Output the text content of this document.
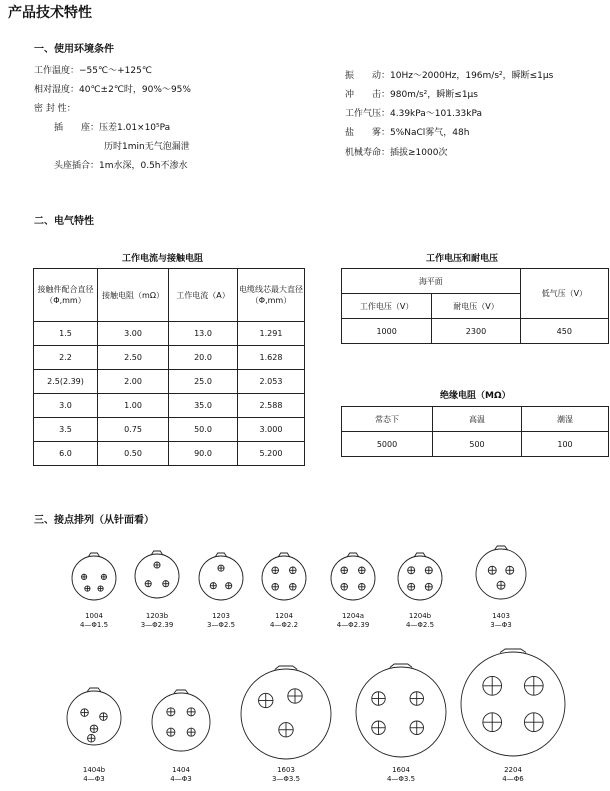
产品技术特性
一、使用环境条件
工作温度：−55℃～+125℃
相对湿度：40℃±2℃时，90%～95%
密 封 性：
插　　座：压差1.01×10⁵Pa
历时1min无气泡漏泄
头座插合：1m水深，0.5h不渗水
振　　动：10Hz～2000Hz，196m/s²，瞬断≤1μs
冲　　击：980m/s²，瞬断≤1μs
工作气压：4.39kPa～101.33kPa
盐　　雾：5%NaCl雾气，48h
机械寿命：插拔≥1000次
二、电气特性
工作电流与接触电阻
接触件配合直径（Φ,mm）	接触电阻（mΩ）	工作电流（A）	电缆线芯最大直径（Φ,mm）
1.5	3.00	13.0	1.291
2.2	2.50	20.0	1.628
2.5(2.39)	2.00	25.0	2.053
3.0	1.00	35.0	2.588
3.5	0.75	50.0	3.000
6.0	0.50	90.0	5.200
工作电压和耐电压
海平面		低气压（V）
工作电压（V）	耐电压（V）	
1000	2300	450
绝缘电阻（MΩ）
常态下	高温	潮湿
5000	500	100
三、接点排列（从针面看）
1004
4—Φ1.5
1203b
3—Φ2.39
1203
3—Φ2.5
1204
4—Φ2.2
1204a
4—Φ2.39
1204b
4—Φ2.5
1403
3—Φ3
1404b
4—Φ3
1404
4—Φ3
1603
3—Φ3.5
1604
4—Φ3.5
2204
4—Φ6
